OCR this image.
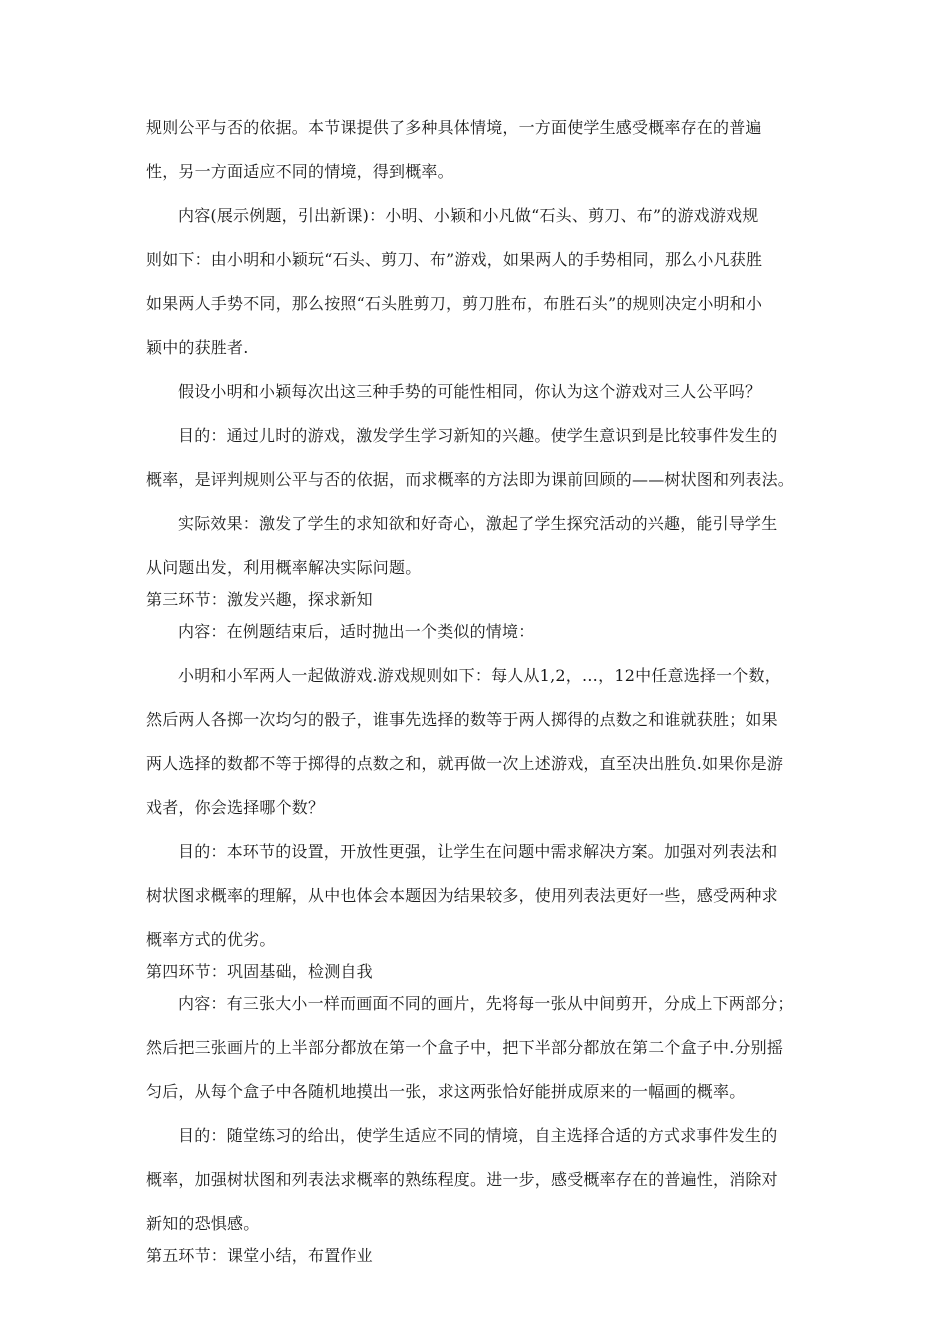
规则公平与否的依据。本节课提供了多种具体情境，一方面使学生感受概率存在的普遍
性，另一方面适应不同的情境，得到概率。
内容(展示例题，引出新课)：小明、小颖和小凡做“石头、剪刀、布”的游戏游戏规
则如下：由小明和小颖玩“石头、剪刀、布”游戏，如果两人的手势相同，那么小凡获胜
如果两人手势不同，那么按照“石头胜剪刀，剪刀胜布，布胜石头”的规则决定小明和小
颖中的获胜者.
假设小明和小颖每次出这三种手势的可能性相同，你认为这个游戏对三人公平吗？
目的：通过儿时的游戏，激发学生学习新知的兴趣。使学生意识到是比较事件发生的
概率，是评判规则公平与否的依据，而求概率的方法即为课前回顾的——树状图和列表法。
实际效果：激发了学生的求知欲和好奇心，激起了学生探究活动的兴趣，能引导学生
从问题出发，利用概率解决实际问题。
第三环节：激发兴趣，探求新知
内容：在例题结束后，适时抛出一个类似的情境：
小明和小军两人一起做游戏.游戏规则如下：每人从1,2，…，12中任意选择一个数，
然后两人各掷一次均匀的骰子，谁事先选择的数等于两人掷得的点数之和谁就获胜；如果
两人选择的数都不等于掷得的点数之和，就再做一次上述游戏，直至决出胜负.如果你是游
戏者，你会选择哪个数？
目的：本环节的设置，开放性更强，让学生在问题中需求解决方案。加强对列表法和
树状图求概率的理解，从中也体会本题因为结果较多，使用列表法更好一些，感受两种求
概率方式的优劣。
第四环节：巩固基础，检测自我
内容：有三张大小一样而画面不同的画片，先将每一张从中间剪开，分成上下两部分；
然后把三张画片的上半部分都放在第一个盒子中，把下半部分都放在第二个盒子中.分别摇
匀后，从每个盒子中各随机地摸出一张，求这两张恰好能拼成原来的一幅画的概率。
目的：随堂练习的给出，使学生适应不同的情境，自主选择合适的方式求事件发生的
概率，加强树状图和列表法求概率的熟练程度。进一步，感受概率存在的普遍性，消除对
新知的恐惧感。
第五环节：课堂小结，布置作业
